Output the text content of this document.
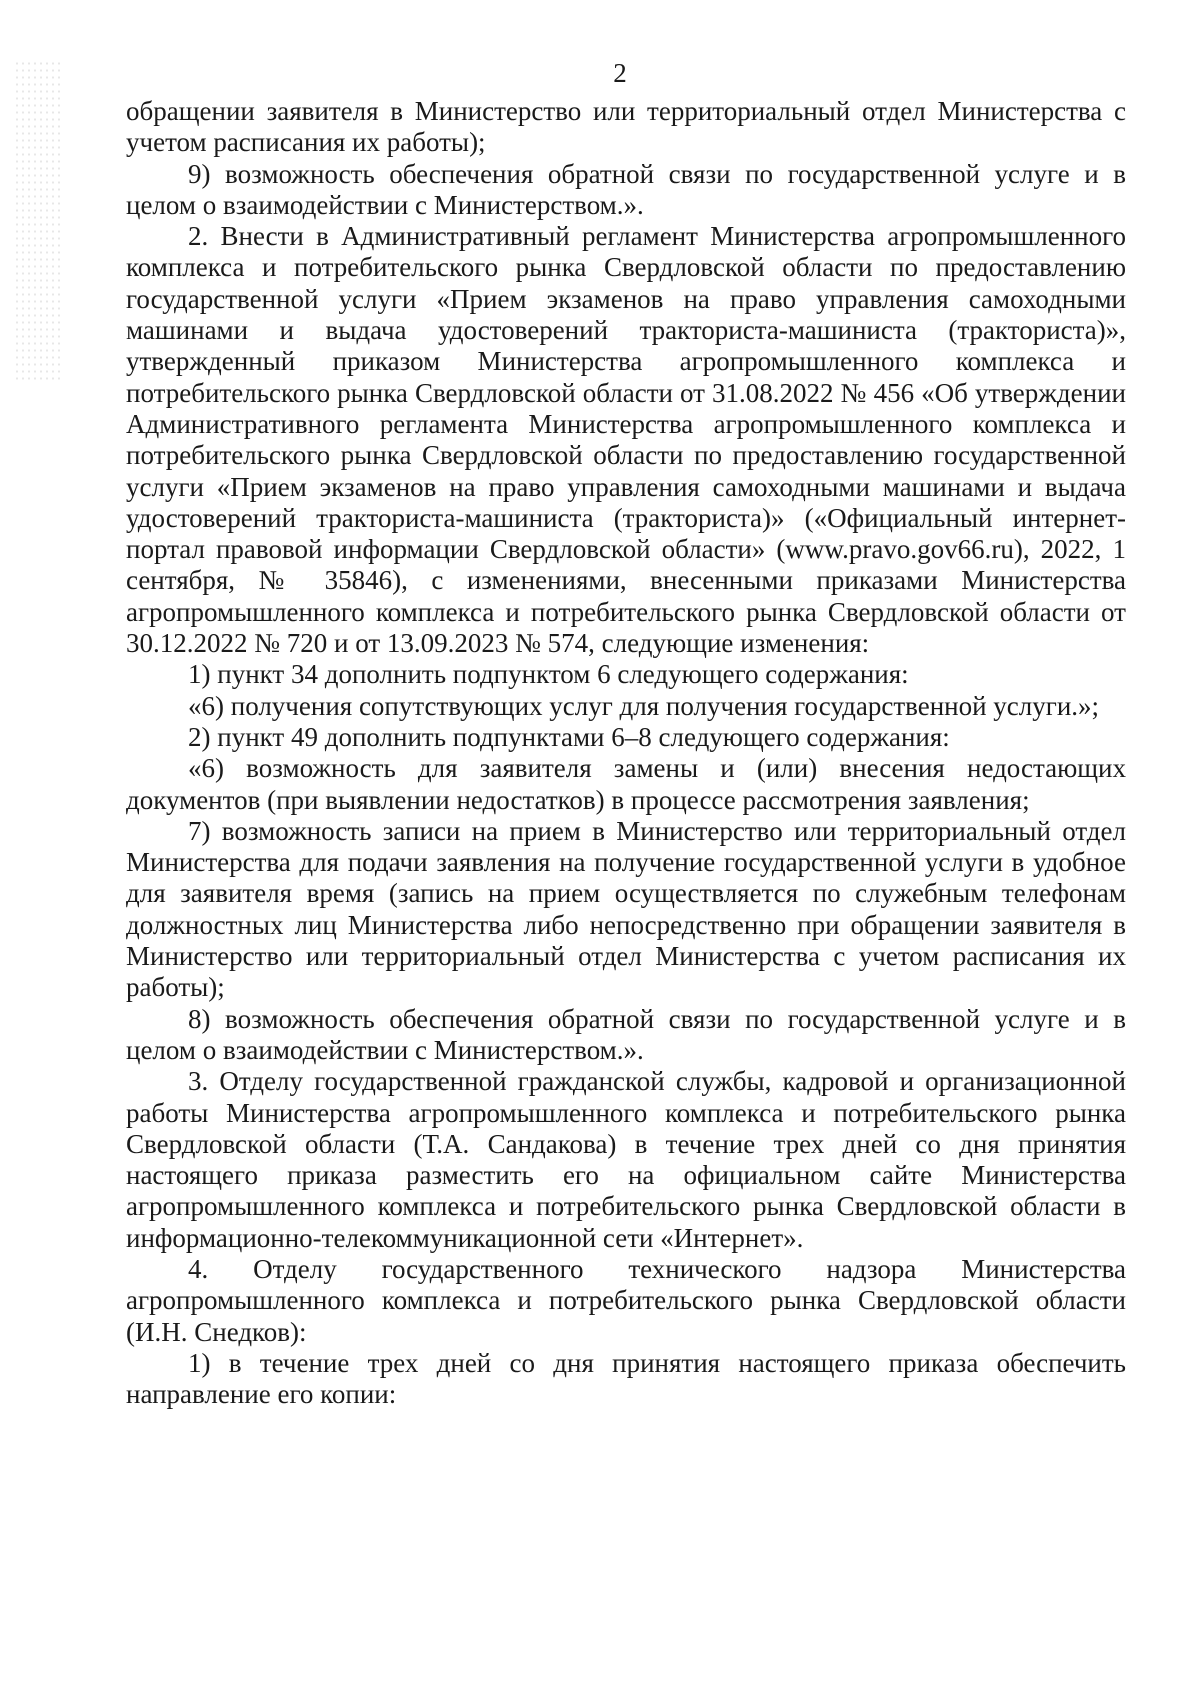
2

обращении заявителя в Министерство или территориальный отдел Министерства с учетом расписания их работы);

9) возможность обеспечения обратной связи по государственной услуге и в целом о взаимодействии с Министерством.».

2. Внести в Административный регламент Министерства агропромышленного комплекса и потребительского рынка Свердловской области по предоставлению государственной услуги «Прием экзаменов на право управления самоходными машинами и выдача удостоверений тракториста-машиниста (тракториста)», утвержденный приказом Министерства агропромышленного комплекса и потребительского рынка Свердловской области от 31.08.2022 № 456 «Об утверждении Административного регламента Министерства агропромышленного комплекса и потребительского рынка Свердловской области по предоставлению государственной услуги «Прием экзаменов на право управления самоходными машинами и выдача удостоверений тракториста-машиниста (тракториста)» («Официальный интернет-портал правовой информации Свердловской области» (www.pravo.gov66.ru), 2022, 1 сентября, № 35846), с изменениями, внесенными приказами Министерства агропромышленного комплекса и потребительского рынка Свердловской области от 30.12.2022 № 720 и от 13.09.2023 № 574, следующие изменения:

1) пункт 34 дополнить подпунктом 6 следующего содержания:

«6) получения сопутствующих услуг для получения государственной услуги.»;

2) пункт 49 дополнить подпунктами 6–8 следующего содержания:

«6) возможность для заявителя замены и (или) внесения недостающих документов (при выявлении недостатков) в процессе рассмотрения заявления;

7) возможность записи на прием в Министерство или территориальный отдел Министерства для подачи заявления на получение государственной услуги в удобное для заявителя время (запись на прием осуществляется по служебным телефонам должностных лиц Министерства либо непосредственно при обращении заявителя в Министерство или территориальный отдел Министерства с учетом расписания их работы);

8) возможность обеспечения обратной связи по государственной услуге и в целом о взаимодействии с Министерством.».

3. Отделу государственной гражданской службы, кадровой и организационной работы Министерства агропромышленного комплекса и потребительского рынка Свердловской области (Т.А. Сандакова) в течение трех дней со дня принятия настоящего приказа разместить его на официальном сайте Министерства агропромышленного комплекса и потребительского рынка Свердловской области в информационно-телекоммуникационной сети «Интернет».

4. Отделу государственного технического надзора Министерства агропромышленного комплекса и потребительского рынка Свердловской области (И.Н. Снедков):

1) в течение трех дней со дня принятия настоящего приказа обеспечить направление его копии:
